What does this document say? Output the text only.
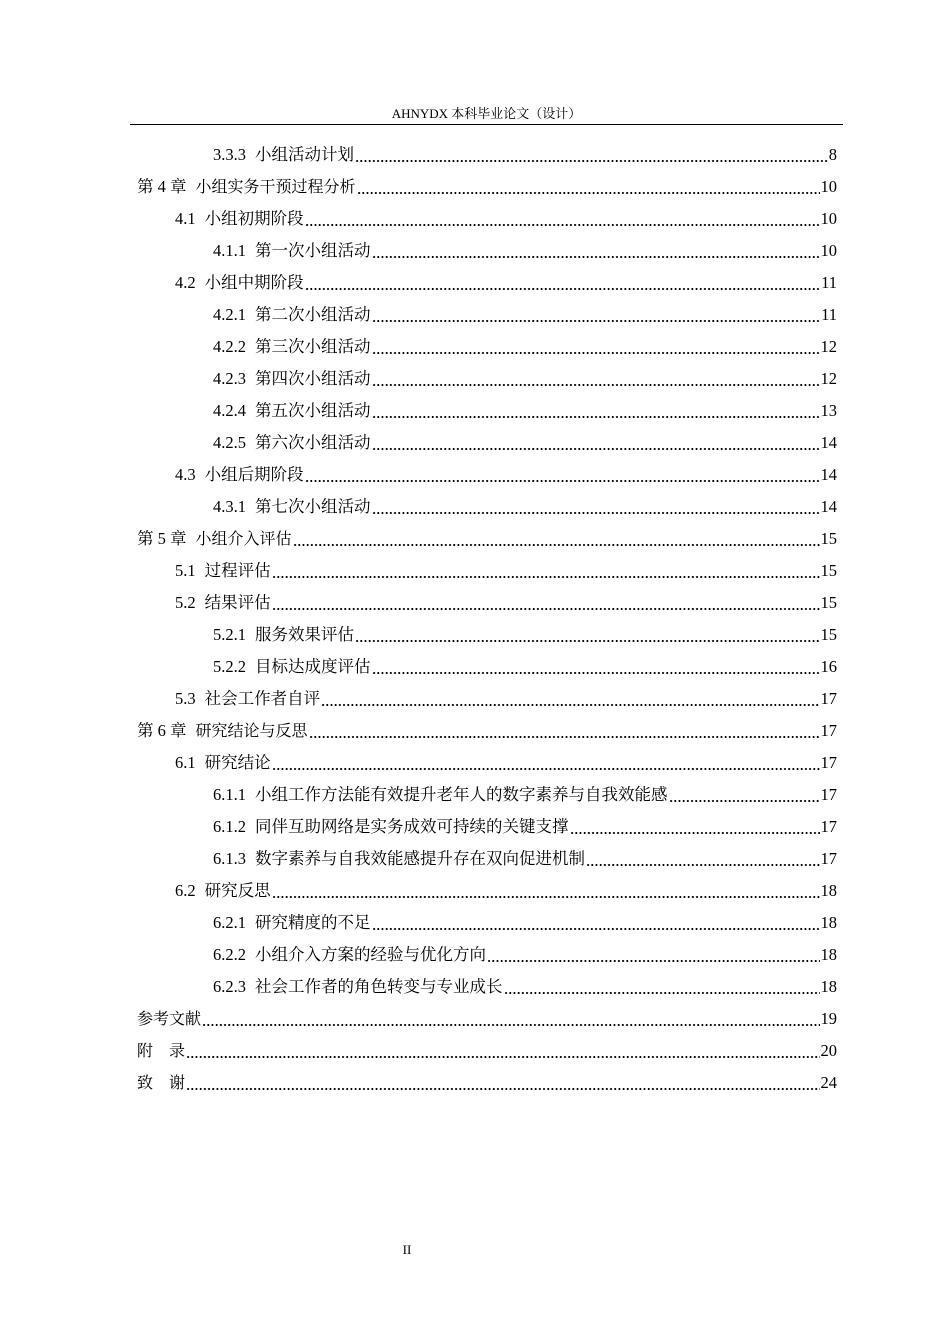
AHNYDX 本科毕业论文（设计）
3.3.3 小组活动计划	8
第 4 章 小组实务干预过程分析	10
4.1 小组初期阶段	10
4.1.1 第一次小组活动	10
4.2 小组中期阶段	11
4.2.1 第二次小组活动	11
4.2.2 第三次小组活动	12
4.2.3 第四次小组活动	12
4.2.4 第五次小组活动	13
4.2.5 第六次小组活动	14
4.3 小组后期阶段	14
4.3.1 第七次小组活动	14
第 5 章 小组介入评估	15
5.1 过程评估	15
5.2 结果评估	15
5.2.1 服务效果评估	15
5.2.2 目标达成度评估	16
5.3 社会工作者自评	17
第 6 章 研究结论与反思	17
6.1 研究结论	17
6.1.1 小组工作方法能有效提升老年人的数字素养与自我效能感	17
6.1.2 同伴互助网络是实务成效可持续的关键支撑	17
6.1.3 数字素养与自我效能感提升存在双向促进机制	17
6.2 研究反思	18
6.2.1 研究精度的不足	18
6.2.2 小组介入方案的经验与优化方向	18
6.2.3 社会工作者的角色转变与专业成长	18
参考文献	19
附　录	20
致　谢	24
II
